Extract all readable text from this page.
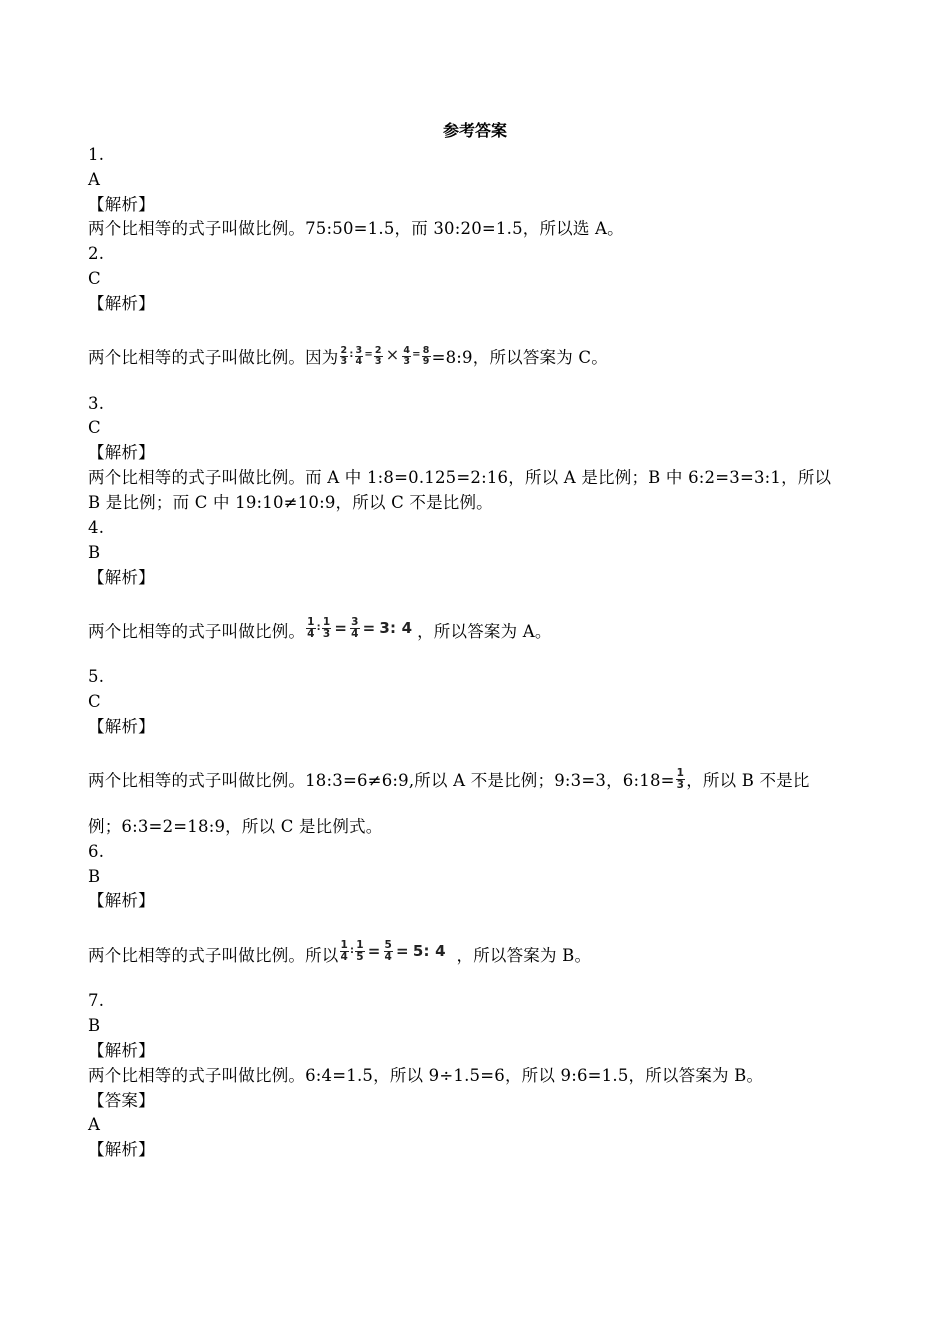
参考答案
1.
A
【解析】
两个比相等的式子叫做比例。75:50=1.5，而 30:20=1.5，所以选 A。
2.
C
【解析】
两个比相等的式子叫做比例。因为 $\frac{2}{3}$ : $\frac{3}{4} = \frac{2}{3} \times \frac{4}{3} = \frac{8}{9}$ =8:9，所以答案为 C。
3.
C
【解析】
两个比相等的式子叫做比例。而 A 中 1:8=0.125=2:16，所以 A 是比例；B 中 6:2=3=3:1，所以
B 是比例；而 C 中 19:10≠10:9，所以 C 不是比例。
4.
B
【解析】
两个比相等的式子叫做比例。 $\frac{1}{4}$ : $\frac{1}{3} = \frac{3}{4} = 3$: 4 ，所以答案为 A。
5.
C
【解析】
两个比相等的式子叫做比例。18:3=6≠6:9,所以 A 不是比例；9:3=3，6:18= $\frac{1}{3}$ ，所以 B 不是比
例；6:3=2=18:9，所以 C 是比例式。
6.
B
【解析】
两个比相等的式子叫做比例。所以 $\frac{1}{4}$ : $\frac{1}{5} = \frac{5}{4} = 5$: 4 ，所以答案为 B。
7.
B
【解析】
两个比相等的式子叫做比例。6:4=1.5，所以 9÷1.5=6，所以 9:6=1.5，所以答案为 B。
【答案】
A
【解析】
